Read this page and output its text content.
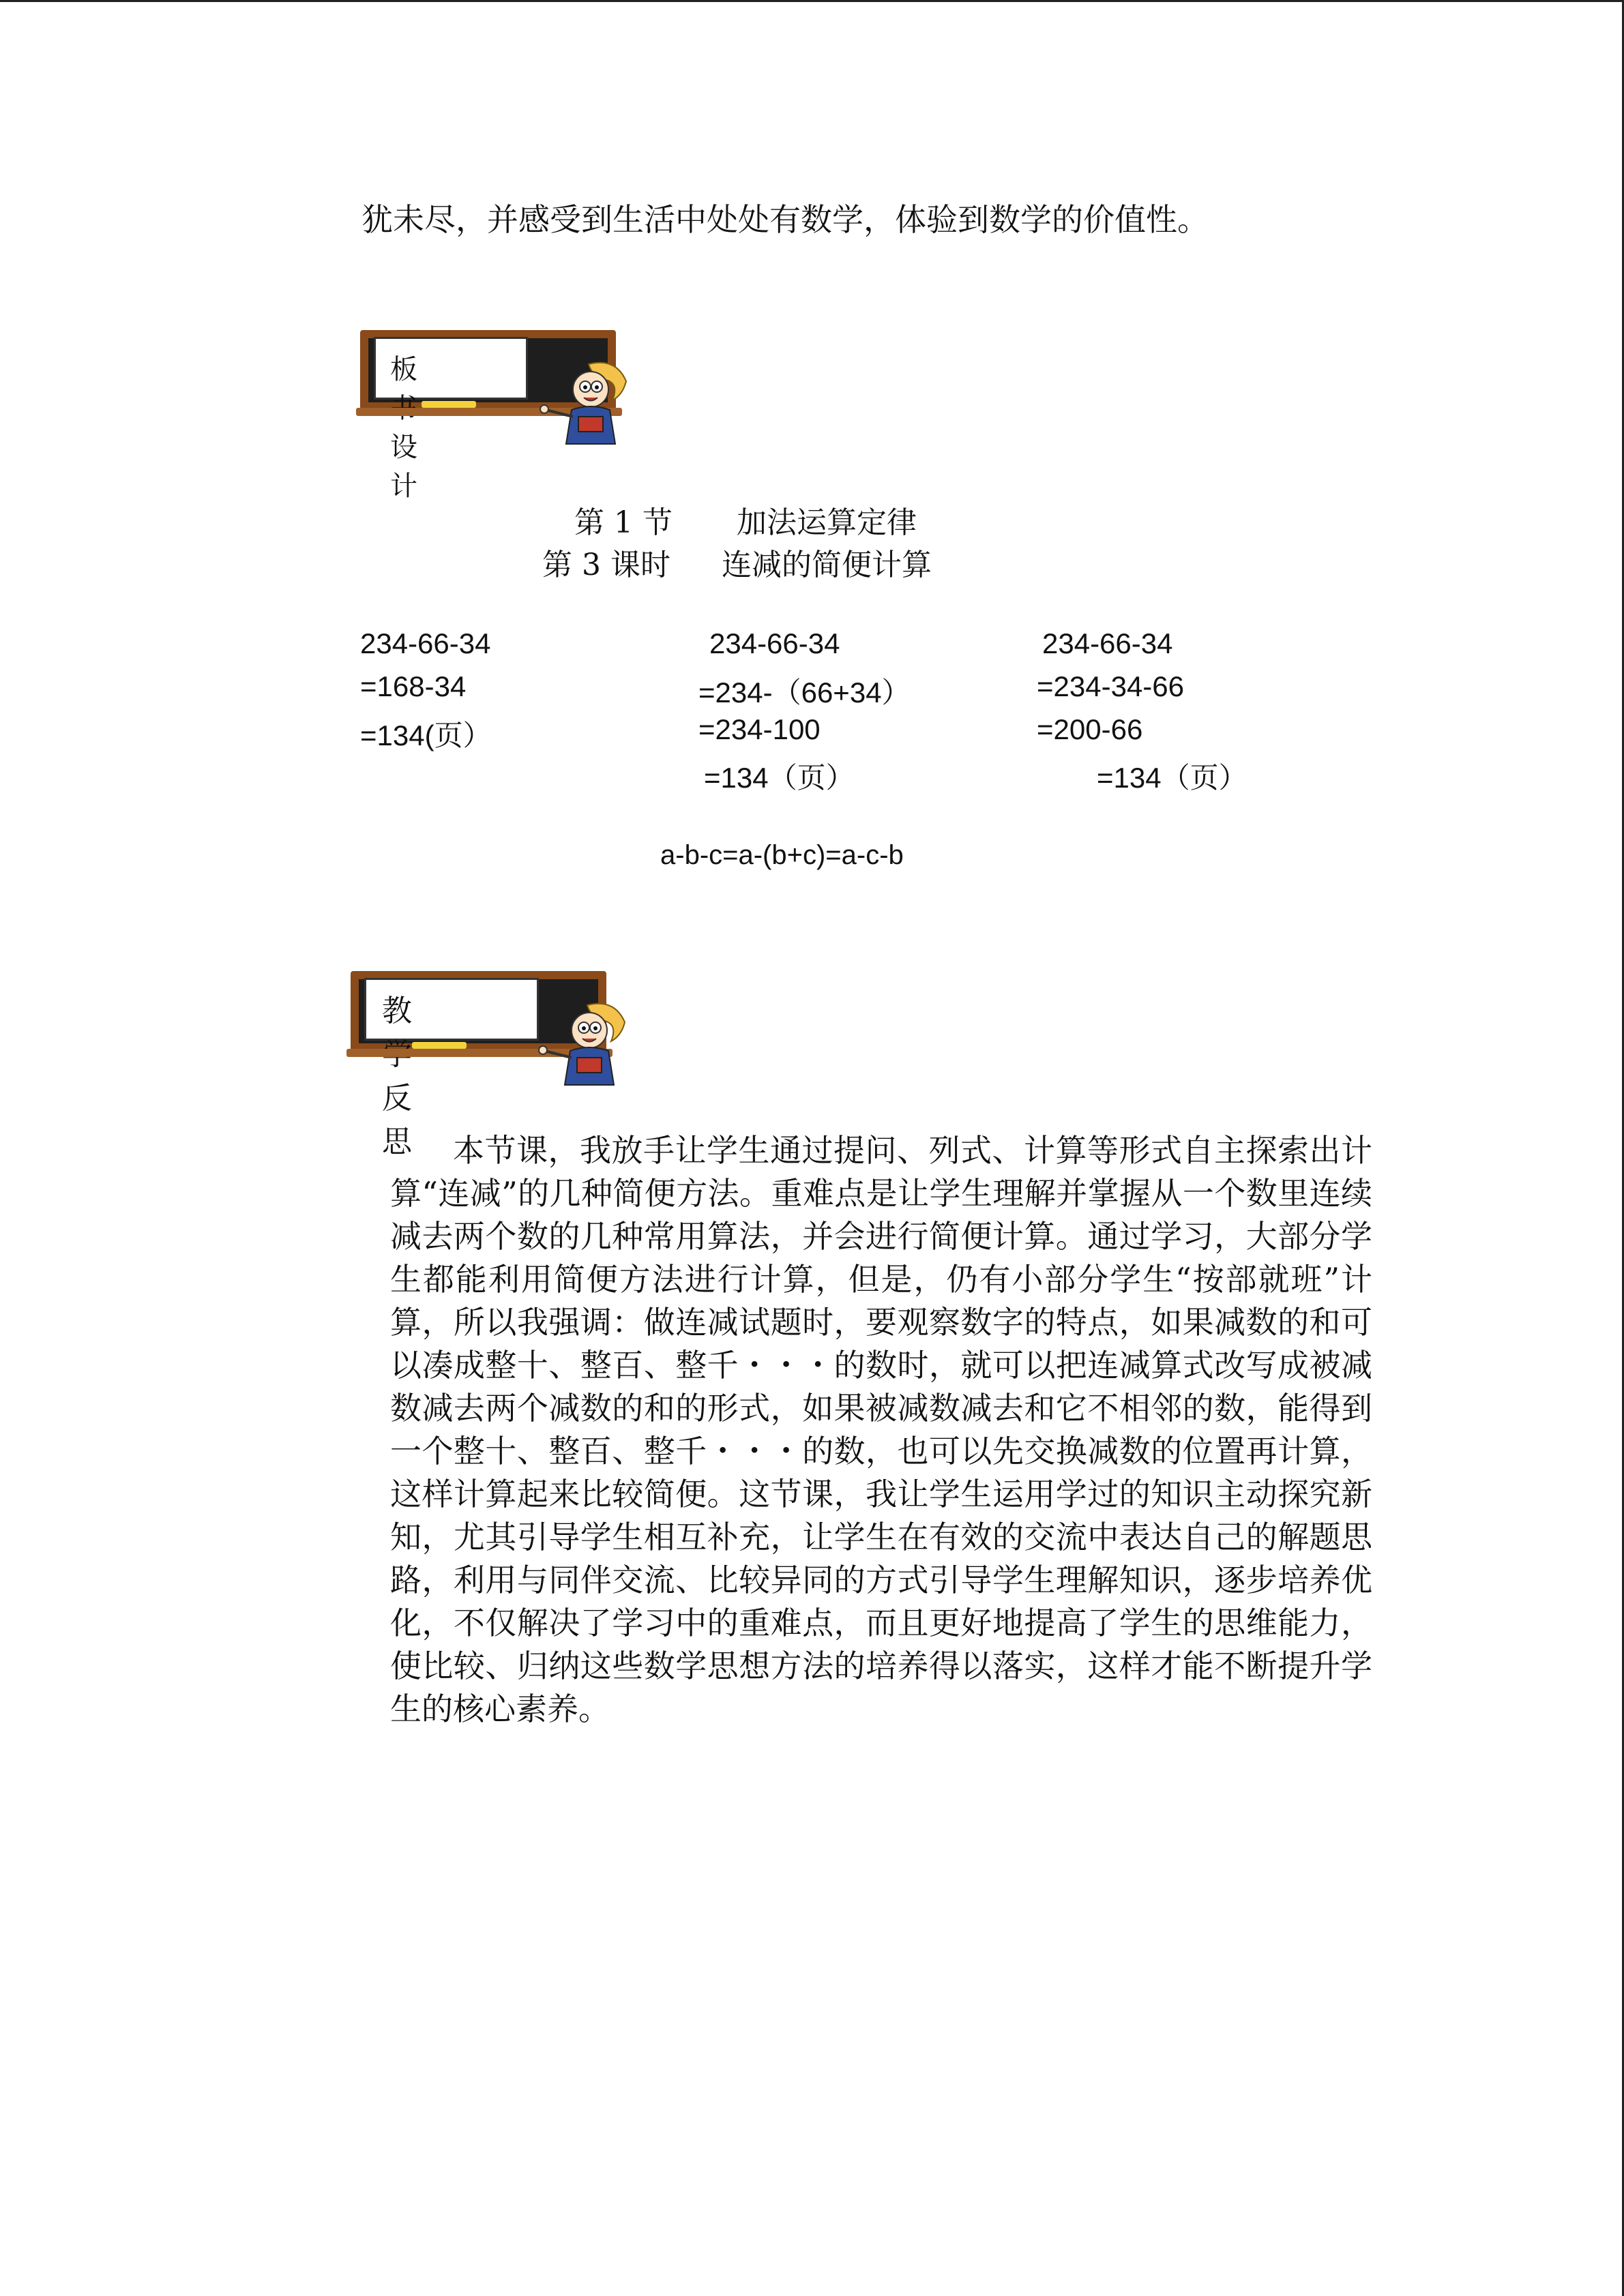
犹未尽，并感受到生活中处处有数学，体验到数学的价值性。
板 设计
第 1 节 加法运算定律
第 3 课时 连减的简便计算
234-66-34
=168-34
=134(页）
234-66-34
=234-（66+34）
=234-100
=134（页）
234-66-34
=234-34-66
=200-66
=134（页）
a-b-c=a-(b+c)=a-c-b
教 反思	本节课，我放手让学生通过提问、列式、计算等形式自主探索出计算“连减”的几种简便方法。重难点是让学生理解并掌握从一个数里连续减去两个数的几种常用算法，并会进行简便计算。通过学习，大部分学生都能利用简便方法进行计算，但是，仍有小部分学生“按部就班”计算，所以我强调：做连减试题时，要观察数字的特点，如果减数的和可以凑成整十、整百、整千・・・的数时，就可以把连减算式改写成被减数减去两个减数的和的形式，如果被减数减去和它不相邻的数，能得到一个整十、整百、整千・・・的数，也可以先交换减数的位置再计算，这样计算起来比较简便。这节课，我让学生运用学过的知识主动探究新知，尤其引导学生相互补充，让学生在有效的交流中表达自己的解题思路，利用与同伴交流、比较异同的方式引导学生理解知识，逐步培养优化，不仅解决了学习中的重难点，而且更好地提高了学生的思维能力，使比较、归纳这些数学思想方法的培养得以落实，这样才能不断提升学生的核心素养。
